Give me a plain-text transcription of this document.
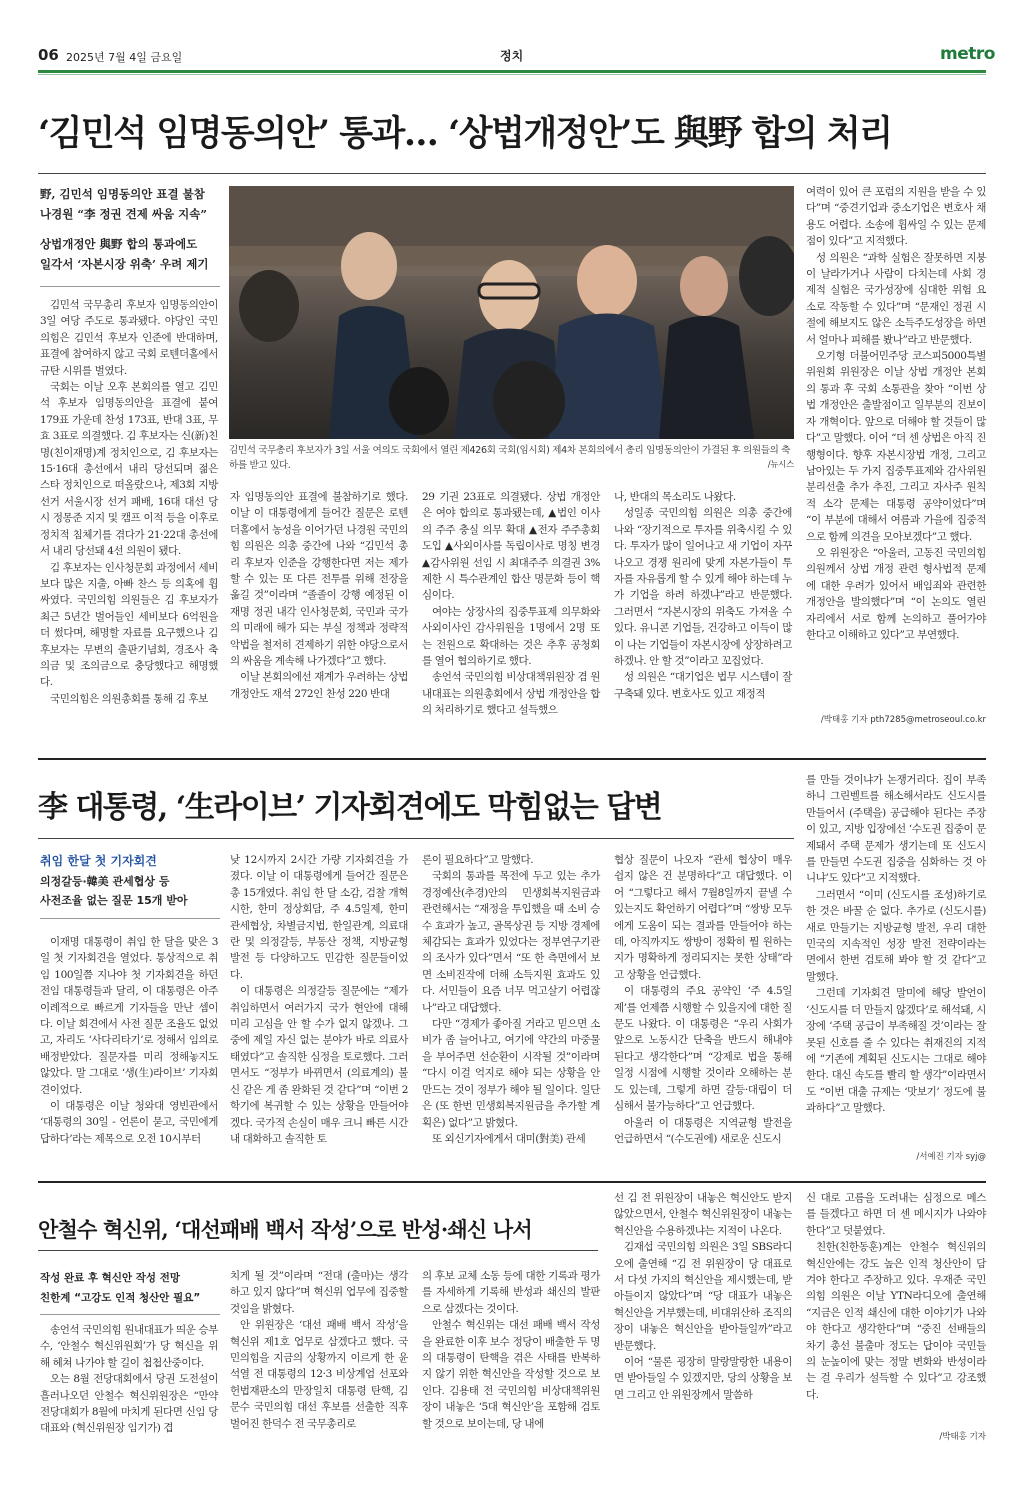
06 2025년 7월 4일 금요일	정치	metro
‘김민석 임명동의안’ 통과… ‘상법개정안’도 與野 합의 처리
野, 김민석 임명동의안 표결 불참
나경원 “李 정권 견제 싸움 지속”
상법개정안 與野 합의 통과에도
일각서 ‘자본시장 위축’ 우려 제기
김민석 국무총리 후보자가 3일 서울 여의도 국회에서 열린 제426회 국회(임시회) 제4차 본회의에서 총리 임명동의안이 가결된 후 의원들의 축하를 받고 있다.	/뉴시스

김민석 국무총리 후보자 임명동의안이 3일 여당 주도로 통과됐다. 야당인 국민의힘은 김민석 후보자 인준에 반대하며, 표결에 참여하지 않고 국회 로텐더홀에서 규탄 시위를 벌였다.

국회는 이날 오후 본회의를 열고 김민석 후보자 임명동의안을 표결에 붙여 179표 가운데 찬성 173표, 반대 3표, 무효 3표로 의결했다. 김 후보자는 신(新)친명(친이재명)계 정치인으로, 김 후보자는 15·16대 총선에서 내리 당선되며 젊은 스타 정치인으로 떠올랐으나, 제3회 지방선거 서울시장 선거 패배, 16대 대선 당시 정몽준 지지 및 캠프 이적 등을 이후로 정치적 침체기를 겪다가 21·22대 총선에서 내리 당선돼 4선 의원이 됐다.

김 후보자는 인사청문회 과정에서 세비보다 많은 지출, 아빠 찬스 등 의혹에 휩싸였다. 국민의힘 의원들은 김 후보자가 최근 5년간 벌어들인 세비보다 6억원을 더 썼다며, 해명할 자료를 요구했으나 김 후보자는 무변의 출판기념회, 경조사 축의금 및 조의금으로 충당했다고 해명했다.

국민의힘은 의원총회를 통해 김 후보

자 임명동의안 표결에 불참하기로 했다. 이날 이 대통령에게 들어간 질문은 로텐더홀에서 농성을 이어가던 나경원 국민의힘 의원은 의총 중간에 나와 “김민석 총리 후보자 인준을 강행한다면 저는 제가 할 수 있는 또 다른 전투를 위해 전장을 옮길 것”이라며 “졸졸이 강행 예정된 이재명 정권 내각 인사청문회, 국민과 국가의 미래에 해가 되는 부실 정책과 정략적 악법을 철저히 견제하기 위한 야당으로서의 싸움을 계속해 나가겠다”고 했다.

이날 본회의에선 재계가 우려하는 상법 개정안도 재석 272인 찬성 220 반대

29 기권 23표로 의결됐다. 상법 개정안은 여야 합의로 통과됐는데, ▲법인 이사의 주주 충실 의무 확대 ▲전자 주주총회 도입 ▲사외이사를 독립이사로 명칭 변경 ▲감사위원 선임 시 최대주주 의결권 3% 제한 시 특수관계인 합산 명문화 등이 핵심이다.

여야는 상장사의 집중투표제 의무화와 사외이사인 감사위원을 1명에서 2명 또는 전원으로 확대하는 것은 추후 공청회를 열어 협의하기로 했다.

송언석 국민의힘 비상대책위원장 겸 원내대표는 의원총회에서 상법 개정안을 합의 처리하기로 했다고 설득했으

나, 반대의 목소리도 나왔다.

성일종 국민의힘 의원은 의총 중간에 나와 “장기적으로 투자를 위축시킬 수 있다. 투자가 많이 일어나고 새 기업이 자꾸 나오고 경쟁 원리에 맞게 자본가들이 투자를 자유롭게 할 수 있게 해야 하는데 누가 기업을 하려 하겠냐”라고 반문했다. 그러면서 “자본시장의 위축도 가져올 수 있다. 유니콘 기업들, 건강하고 이득이 많이 나는 기업들이 자본시장에 상장하려고 하겠나. 안 할 것”이라고 꼬집었다.

성 의원은 “대기업은 법무 시스템이 잘 구축돼 있다. 변호사도 있고 재정적

여력이 있어 큰 포럼의 지원을 받을 수 있다”며 “중견기업과 중소기업은 변호사 채용도 어렵다. 소송에 휩싸일 수 있는 문제점이 있다”고 지적했다.

성 의원은 “과학 실험은 잘못하면 지붕이 날라가거나 사람이 다치는데 사회 경제적 실험은 국가성장에 심대한 위험 요소로 작동할 수 있다”며 “문재인 정권 시절에 해보지도 않은 소득주도성장을 하면서 얼마나 피해를 봤나”라고 반문했다.

오기형 더불어민주당 코스피5000특별위원회 위원장은 이날 상법 개정안 본회의 통과 후 국회 소통관을 찾아 “이번 상법 개정안은 출발점이고 일부분의 진보이자 개혁이다. 앞으로 더해야 할 것들이 많다”고 말했다. 이어 “더 센 상법은 아직 진행형이다. 향후 자본시장법 개정, 그리고 남아있는 두 가지 집중투표제와 감사위원 분리선출 추가 추진, 그리고 자사주 원칙적 소각 문제는 대통령 공약이었다”며 “이 부분에 대해서 여름과 가을에 집중적으로 함께 의견을 모아보겠다”고 했다.

오 위원장은 “아울러, 고동진 국민의힘 의원께서 상법 개정 관련 형사법적 문제에 대한 우려가 있어서 배임죄와 관련한 개정안을 발의했다”며 “이 논의도 열린 자리에서 서로 함께 논의하고 풀어가야 한다고 이해하고 있다”고 부연했다.

/박태홍 기자 pth7285@metroseoul.co.kr
李 대통령, ‘生라이브’ 기자회견에도 막힘없는 답변
취임 한달 첫 기자회견
의정갈등·韓美 관세협상 등
사전조율 없는 질문 15개 받아

이재명 대통령이 취임 한 달을 맞은 3일 첫 기자회견을 열었다. 통상적으로 취임 100일쯤 지나야 첫 기자회견을 하던 전임 대통령들과 달리, 이 대통령은 아주 이례적으로 빠르게 기자들을 만난 셈이다. 이날 회견에서 사전 질문 조율도 없었고, 자리도 ‘사다리타기’로 정해서 임의로 배정받았다. 질문자를 미리 정해놓지도 않았다. 말 그대로 ‘생(生)라이브’ 기자회견이었다.

이 대통령은 이날 청와대 영빈관에서 ‘대통령의 30일 - 언론이 묻고, 국민에게 답하다’라는 제목으로 오전 10시부터

낮 12시까지 2시간 가량 기자회견을 가졌다. 이날 이 대통령에게 들어간 질문은 총 15개였다. 취임 한 달 소감, 검찰 개혁 시한, 한미 정상회담, 주 4.5일제, 한미 관세협상, 차별금지법, 한일관계, 의료대란 및 의정갈등, 부동산 정책, 지방균형 발전 등 다양하고도 민감한 질문들이었다.

이 대통령은 의정갈등 질문에는 “제가 취임하면서 여러가지 국가 현안에 대해 미리 고심을 안 할 수가 없지 않겠나. 그중에 제일 자신 없는 분야가 바로 의료사태였다”고 솔직한 심정을 토로했다. 그러면서도 “정부가 바뀌면서 (의료계의) 불신 같은 게 좀 완화된 것 같다”며 “이번 2학기에 복귀할 수 있는 상황을 만들어야겠다. 국가적 손실이 매우 크니 빠른 시간 내 대화하고 솔직한 토

론이 필요하다”고 말했다.

국회의 통과를 목전에 두고 있는 추가경정예산(추경)안의 민생회복지원금과 관련해서는 “재정을 투입했을 때 소비 승수 효과가 높고, 골목상권 등 지방 경제에 체감되는 효과가 있었다는 정부연구기관의 조사가 있다”면서 “또 한 측면에서 보면 소비진작에 더해 소득지원 효과도 있다. 서민들이 요즘 너무 먹고살기 어렵잖나”라고 대답했다.

다만 “경제가 좋아질 거라고 믿으면 소비가 좀 늘어나고, 여기에 약간의 마중물을 부어주면 선순환이 시작될 것”이라며 “다시 이걸 억지로 해야 되는 상황을 안 만드는 것이 정부가 해야 될 일이다. 일단은 (또 한번 민생회복지원금을 추가할 계획은) 없다”고 밝혔다.

또 외신기자에게서 대미(對美) 관세

협상 질문이 나오자 “관세 협상이 매우 쉽지 않은 건 분명하다”고 대답했다. 이어 “그렇다고 해서 7월8일까지 끝낼 수 있는지도 확언하기 어렵다”며 “쌍방 모두에게 도움이 되는 결과를 만들어야 하는데, 아직까지도 쌍방이 정확히 뭘 원하는지가 명확하게 정리되지는 못한 상태”라고 상황을 언급했다.

이 대통령의 주요 공약인 ‘주 4.5일제’를 언제쯤 시행할 수 있을지에 대한 질문도 나왔다. 이 대통령은 “우리 사회가 앞으로 노동시간 단축을 반드시 해내야 된다고 생각한다”며 “강제로 법을 통해 일정 시점에 시행할 것이라 오해하는 분도 있는데, 그렇게 하면 갈등·대립이 더 심해서 불가능하다”고 언급했다.

아울러 이 대통령은 지역균형 발전을 언급하면서 “(수도권에) 새로운 신도시

를 만들 것이냐가 논쟁거리다. 집이 부족하니 그린벨트를 해소해서라도 신도시를 만들어서 (주택을) 공급해야 된다는 주장이 있고, 지방 입장에선 ‘수도권 집중이 문제돼서 주택 문제가 생기는데 또 신도시를 만들면 수도권 집중을 심화하는 것 아니냐’도 있다”고 지적했다.

그러면서 “이미 (신도시를 조성)하기로 한 것은 바꿀 순 없다. 추가로 (신도시를) 새로 만들기는 지방균형 발전, 우리 대한민국의 지속적인 성장 발전 전략이라는 면에서 한번 검토해 봐야 할 것 같다”고 말했다.

그런데 기자회견 말미에 해당 발언이 ‘신도시를 더 만들지 않겠다’로 해석돼, 시장에 ‘주택 공급이 부족해질 것’이라는 잘못된 신호를 줄 수 있다는 취재진의 지적에 “기존에 계획된 신도시는 그대로 해야 한다. 대신 속도를 빨리 할 생각”이라면서도 “이번 대출 규제는 ‘맛보기’ 정도에 불과하다”고 말했다.

/서예진 기자 syj@
안철수 혁신위, ‘대선패배 백서 작성’으로 반성·쇄신 나서
작성 완료 후 혁신안 작성 전망
친한계 “고강도 인적 청산안 필요”

송언석 국민의힘 원내대표가 띄운 승부수, ‘안철수 혁신위원회’가 당 혁신을 위해 헤쳐 나가야 할 길이 첩첩산중이다.

오는 8월 전당대회에서 당권 도전설이 흘러나오던 안철수 혁신위원장은 “만약 전당대회가 8월에 마치게 된다면 신임 당 대표와 (혁신위원장 임기가) 겹

치게 될 것”이라며 “전대 (출마)는 생각하고 있지 않다”며 혁신위 업무에 집중할 것임을 밝혔다.

안 위원장은 ‘대선 패배 백서 작성’을 혁신위 제1호 업무로 삼겠다고 했다. 국민의힘을 지금의 상황까지 이르게 한 윤석열 전 대통령의 12·3 비상계엄 선포와 헌법재판소의 만장일치 대통령 탄핵, 김문수 국민의힘 대선 후보를 선출한 직후 벌어진 한덕수 전 국무총리로

의 후보 교체 소동 등에 대한 기록과 평가를 자세하게 기록해 반성과 쇄신의 발판으로 삼겠다는 것이다.

안철수 혁신위는 대선 패배 백서 작성을 완료한 이후 보수 정당이 배출한 두 명의 대통령이 탄핵을 겪은 사태를 반복하지 않기 위한 혁신안을 작성할 것으로 보인다. 김용태 전 국민의힘 비상대책위원장이 내놓은 ‘5대 혁신안’을 포함해 검토할 것으로 보이는데, 당 내에

선 김 전 위원장이 내놓은 혁신안도 받지 않았으면서, 안철수 혁신위원장이 내놓는 혁신안을 수용하겠냐는 지적이 나온다.

김재섭 국민의힘 의원은 3일 SBS라디오에 출연해 “김 전 위원장이 당 대표로서 다섯 가지의 혁신안을 제시했는데, 받아들이지 않았다”며 “당 대표가 내놓은 혁신안을 거부했는데, 비대위산하 조직의 장이 내놓은 혁신안을 받아들일까”라고 반문했다.

이어 “물론 굉장히 말랑말랑한 내용이면 받아들일 수 있겠지만, 당의 상황을 보면 그리고 안 위원장께서 말씀하

신 대로 고름을 도려내는 심정으로 메스를 들겠다고 하면 더 센 메시지가 나와야 한다”고 덧붙였다.

친한(친한동훈)계는 안철수 혁신위의 혁신안에는 강도 높은 인적 청산안이 담겨야 한다고 주장하고 있다. 우재준 국민의힘 의원은 이날 YTN라디오에 출연해 “지금은 인적 쇄신에 대한 이야기가 나와야 한다고 생각한다”며 “중진 선배들의 차기 총선 불출마 정도는 답이야 국민들의 눈높이에 맞는 정말 변화와 반성이라는 걸 우리가 설득할 수 있다”고 강조했다.

/박태홍 기자
